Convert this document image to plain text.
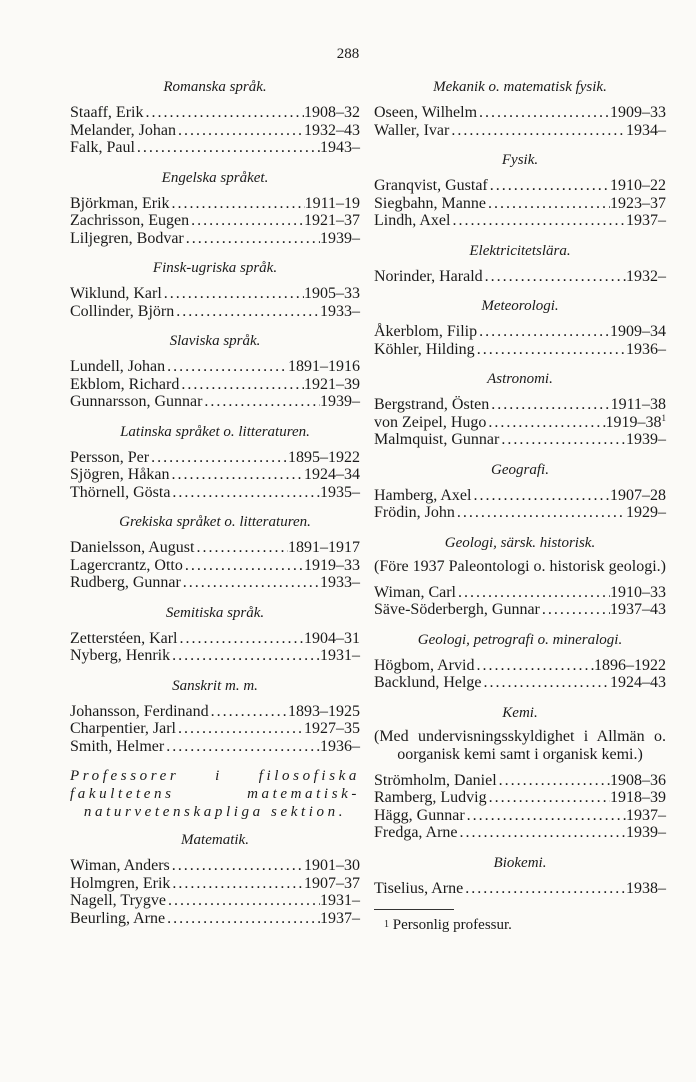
288
Romanska språk.
Staaff, Erik .....	1908–32
Melander, Johan .....	1932–43
Falk, Paul .....	1943–
Engelska språket.
Björkman, Erik .....	1911–19
Zachrisson, Eugen .....	1921–37
Liljegren, Bodvar .....	1939–
Finsk-ugriska språk.
Wiklund, Karl .....	1905–33
Collinder, Björn .....	1933–
Slaviska språk.
Lundell, Johan .....	1891–1916
Ekblom, Richard .....	1921–39
Gunnarsson, Gunnar .....	1939–
Latinska språket o. litteraturen.
Persson, Per .....	1895–1922
Sjögren, Håkan .....	1924–34
Thörnell, Gösta .....	1935–
Grekiska språket o. litteraturen.
Danielsson, August .....	1891–1917
Lagercrantz, Otto .....	1919–33
Rudberg, Gunnar .....	1933–
Semitiska språk.
Zetterstéen, Karl .....	1904–31
Nyberg, Henrik .....	1931–
Sanskrit m. m.
Johansson, Ferdinand .....	1893–1925
Charpentier, Jarl .....	1927–35
Smith, Helmer .....	1936–
Professorer i filosofiska fakultetens matematisk-naturvetenskapliga sektion.
Matematik.
Wiman, Anders .....	1901–30
Holmgren, Erik .....	1907–37
Nagell, Trygve .....	1931–
Beurling, Arne .....	1937–
Mekanik o. matematisk fysik.
Oseen, Wilhelm .....	1909–33
Waller, Ivar .....	1934–
Fysik.
Granqvist, Gustaf .....	1910–22
Siegbahn, Manne .....	1923–37
Lindh, Axel .....	1937–
Elektricitetslära.
Norinder, Harald .....	1932–
Meteorologi.
Åkerblom, Filip .....	1909–34
Köhler, Hilding .....	1936–
Astronomi.
Bergstrand, Östen .....	1911–38
von Zeipel, Hugo .....	$1919-38^1$
Malmquist, Gunnar .....	1939–
Geografi.
Hamberg, Axel .....	1907–28
Frödin, John .....	1929–
Geologi, särsk. historisk.
(Före 1937 Paleontologi o. historisk geologi.)
Wiman, Carl .....	1910–33
Säve-Söderbergh, Gunnar .....	1937–43
Geologi, petrografi o. mineralogi.
Högbom, Arvid .....	1896–1922
Backlund, Helge .....	1924–43
Kemi.
(Med undervisningsskyldighet i Allmän o. oorganisk kemi samt i organisk kemi.)
Strömholm, Daniel .....	1908–36
Ramberg, Ludvig .....	1918–39
Hägg, Gunnar .....	1937–
Fredga, Arne .....	1939–
Biokemi.
Tiselius, Arne .....	1938–
$^1$ Personlig professur.
